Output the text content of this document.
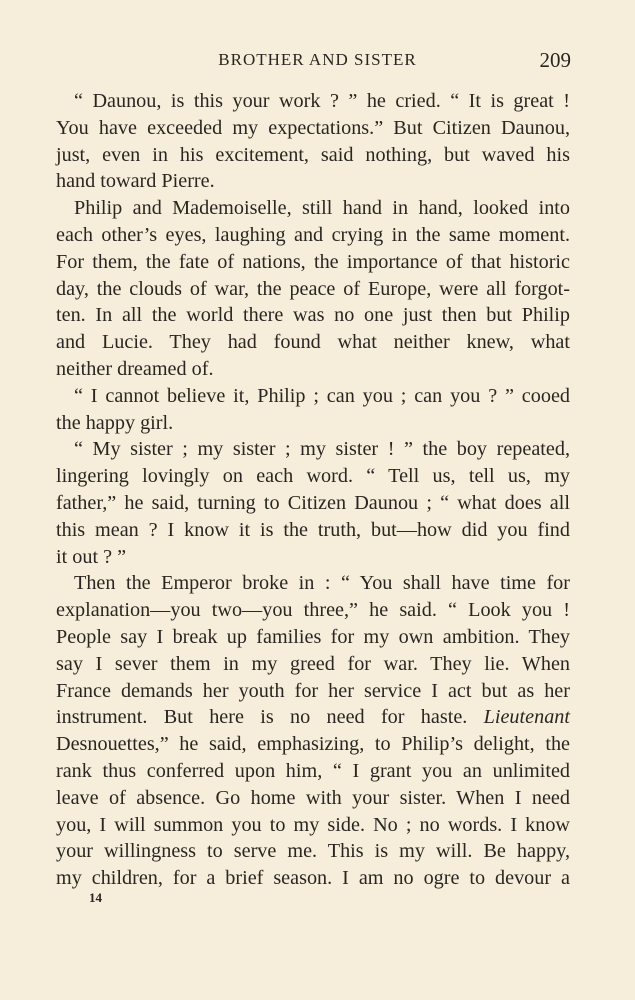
BROTHER AND SISTER	209
“ Daunou, is this your work ? ” he cried. “ It is great !
You have exceeded my expectations.” But Citizen Daunou,
just, even in his excitement, said nothing, but waved his
hand toward Pierre.
Philip and Mademoiselle, still hand in hand, looked into
each other’s eyes, laughing and crying in the same moment.
For them, the fate of nations, the importance of that historic
day, the clouds of war, the peace of Europe, were all forgot-
ten. In all the world there was no one just then but Philip
and Lucie. They had found what neither knew, what
neither dreamed of.
“ I cannot believe it, Philip ; can you ; can you ? ” cooed
the happy girl.
“ My sister ; my sister ; my sister ! ” the boy repeated,
lingering lovingly on each word. “ Tell us, tell us, my
father,” he said, turning to Citizen Daunou ; “ what does all
this mean ? I know it is the truth, but—how did you find
it out ? ”
Then the Emperor broke in : “ You shall have time for
explanation—you two—you three,” he said. “ Look you !
People say I break up families for my own ambition. They
say I sever them in my greed for war. They lie. When
France demands her youth for her service I act but as her
instrument. But here is no need for haste. Lieutenant
Desnouettes,” he said, emphasizing, to Philip’s delight, the
rank thus conferred upon him, “ I grant you an unlimited
leave of absence. Go home with your sister. When I need
you, I will summon you to my side. No ; no words. I know
your willingness to serve me. This is my will. Be happy,
my children, for a brief season. I am no ogre to devour a
14
